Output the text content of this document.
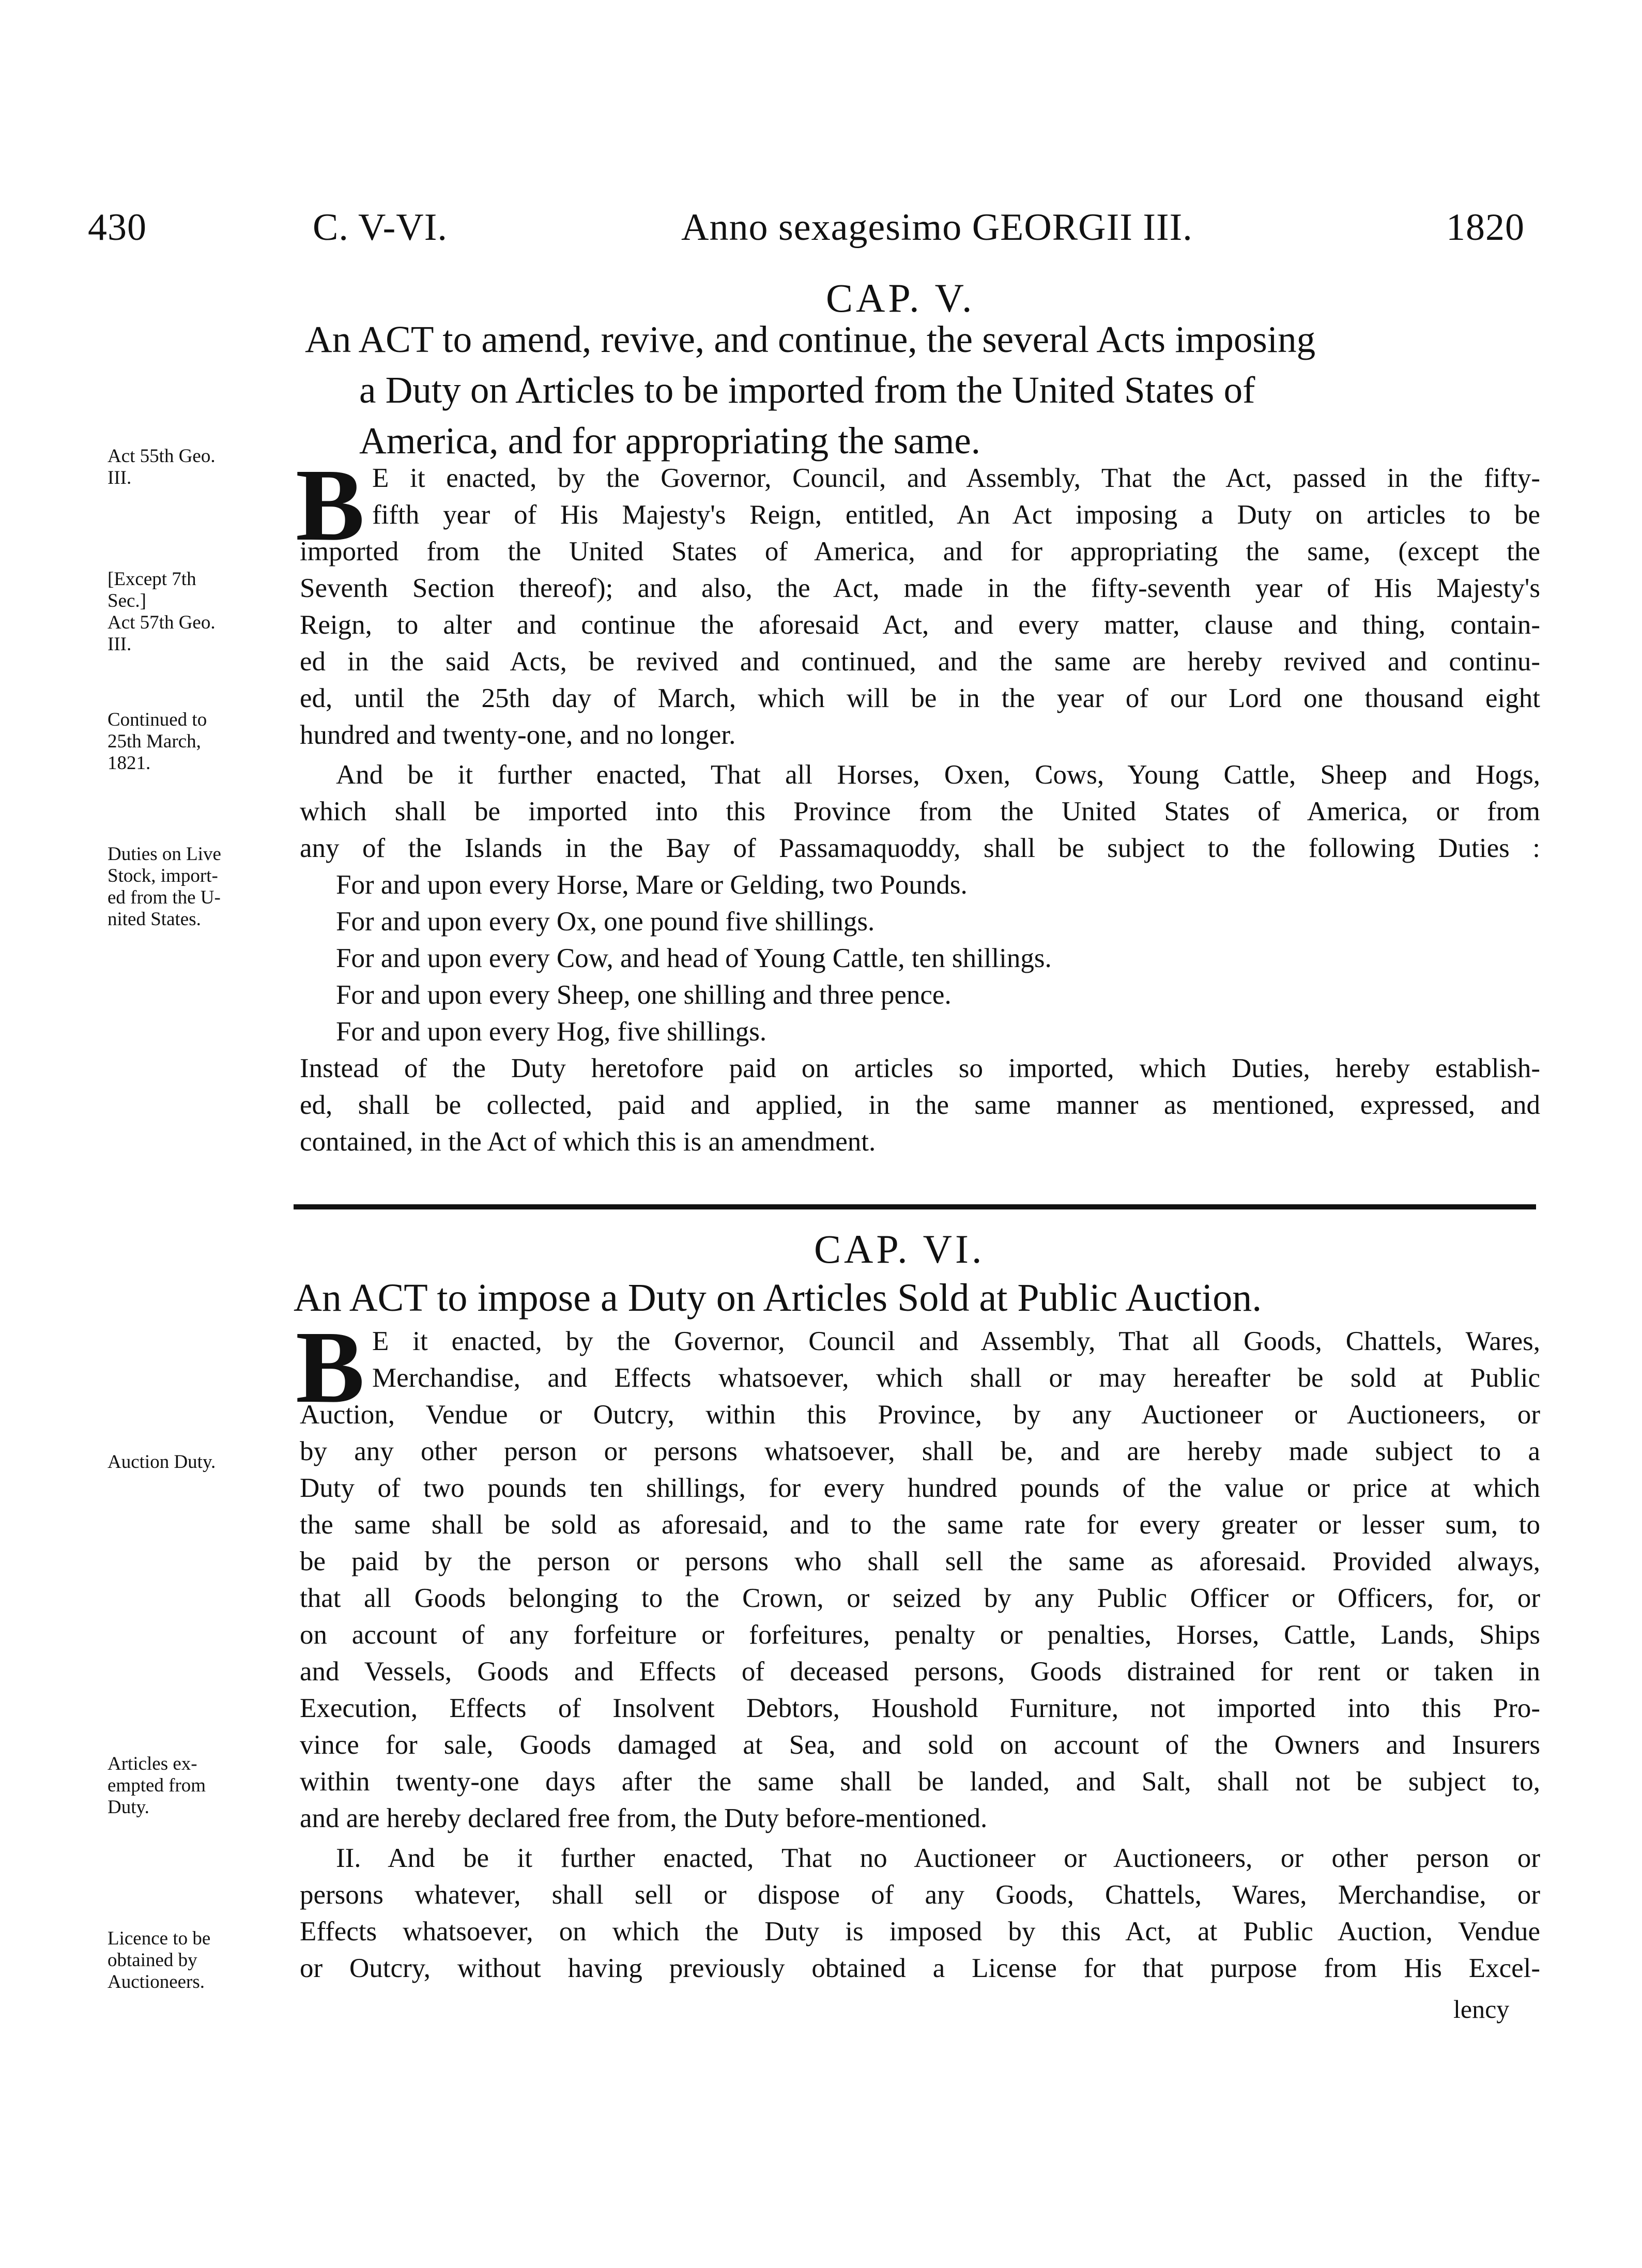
430	C. V-VI.	Anno sexagesimo GEORGII III.	1820
CAP. V.
An ACT to amend, revive, and continue, the several Acts imposing
a Duty on Articles to be imported from the United States of
America, and for appropriating the same.
Act 55th Geo.
III.
[Except 7th
Sec.]
Act 57th Geo.
III.
Continued to
25th March,
1821.
Duties on Live
Stock, import-
ed from the U-
nited States.
B E it enacted, by the Governor, Council, and Assembly, That the Act, passed in the fifty-
fifth year of His Majesty's Reign, entitled, An Act imposing a Duty on articles to be
imported from the United States of America, and for appropriating the same, (except the
Seventh Section thereof); and also, the Act, made in the fifty-seventh year of His Majesty's
Reign, to alter and continue the aforesaid Act, and every matter, clause and thing, contain-
ed in the said Acts, be revived and continued, and the same are hereby revived and continu-
ed, until the 25th day of March, which will be in the year of our Lord one thousand eight
hundred and twenty-one, and no longer.
And be it further enacted, That all Horses, Oxen, Cows, Young Cattle, Sheep and Hogs,
which shall be imported into this Province from the United States of America, or from
any of the Islands in the Bay of Passamaquoddy, shall be subject to the following Duties :
For and upon every Horse, Mare or Gelding, two Pounds.
For and upon every Ox, one pound five shillings.
For and upon every Cow, and head of Young Cattle, ten shillings.
For and upon every Sheep, one shilling and three pence.
For and upon every Hog, five shillings.
Instead of the Duty heretofore paid on articles so imported, which Duties, hereby establish-
ed, shall be collected, paid and applied, in the same manner as mentioned, expressed, and
contained, in the Act of which this is an amendment.
CAP. VI.
An ACT to impose a Duty on Articles Sold at Public Auction.
Auction Duty.
Articles ex-
empted from
Duty.
Licence to be
obtained by
Auctioneers.
B E it enacted, by the Governor, Council and Assembly, That all Goods, Chattels, Wares,
Merchandise, and Effects whatsoever, which shall or may hereafter be sold at Public
Auction, Vendue or Outcry, within this Province, by any Auctioneer or Auctioneers, or
by any other person or persons whatsoever, shall be, and are hereby made subject to a
Duty of two pounds ten shillings, for every hundred pounds of the value or price at which
the same shall be sold as aforesaid, and to the same rate for every greater or lesser sum, to
be paid by the person or persons who shall sell the same as aforesaid. Provided always,
that all Goods belonging to the Crown, or seized by any Public Officer or Officers, for, or
on account of any forfeiture or forfeitures, penalty or penalties, Horses, Cattle, Lands, Ships
and Vessels, Goods and Effects of deceased persons, Goods distrained for rent or taken in
Execution, Effects of Insolvent Debtors, Houshold Furniture, not imported into this Pro-
vince for sale, Goods damaged at Sea, and sold on account of the Owners and Insurers
within twenty-one days after the same shall be landed, and Salt, shall not be subject to,
and are hereby declared free from, the Duty before-mentioned.
II. And be it further enacted, That no Auctioneer or Auctioneers, or other person or
persons whatever, shall sell or dispose of any Goods, Chattels, Wares, Merchandise, or
Effects whatsoever, on which the Duty is imposed by this Act, at Public Auction, Vendue
or Outcry, without having previously obtained a License for that purpose from His Excel-
lency
